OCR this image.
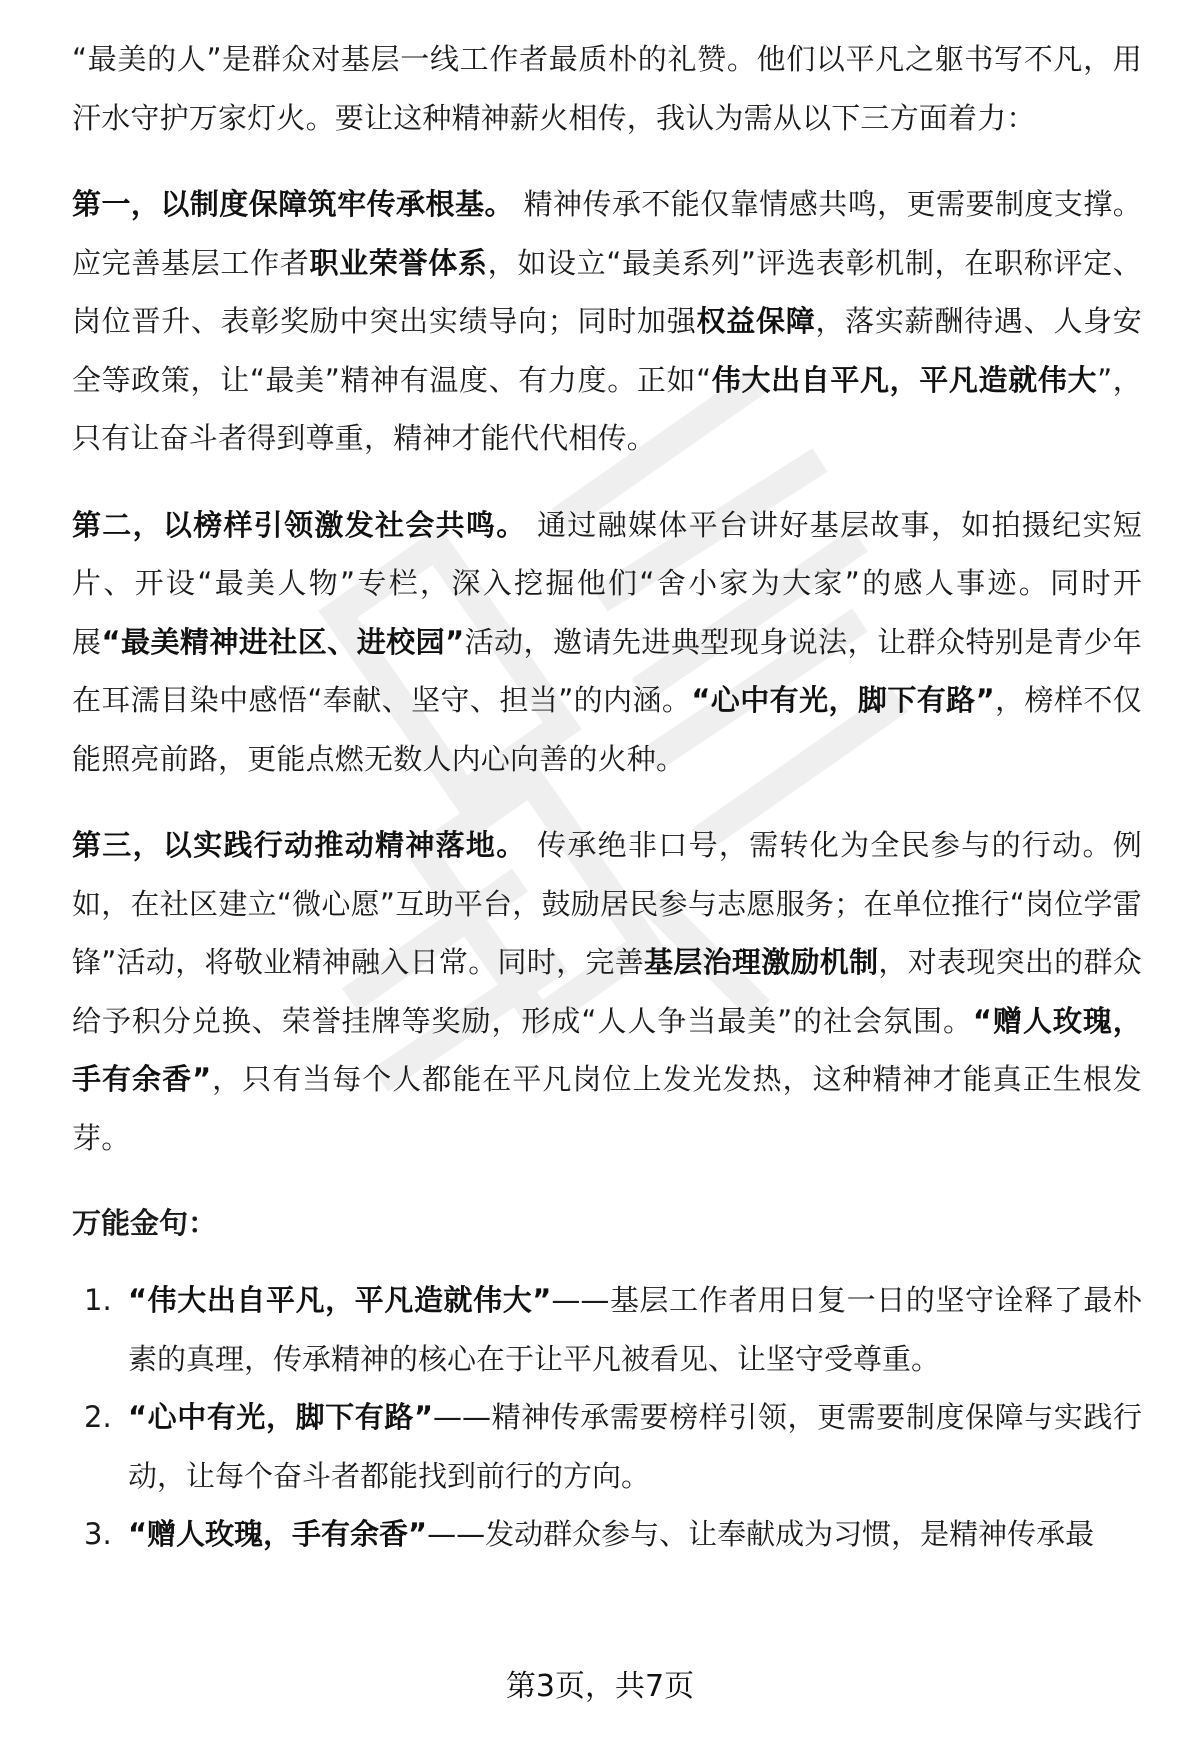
“最美的人”是群众对基层一线工作者最质朴的礼赞。他们以平凡之躯书写不凡，用汗水守护万家灯火。要让这种精神薪火相传，我认为需从以下三方面着力：

第一，以制度保障筑牢传承根基。 精神传承不能仅靠情感共鸣，更需要制度支撑。应完善基层工作者职业荣誉体系，如设立“最美系列”评选表彰机制，在职称评定、岗位晋升、表彰奖励中突出实绩导向；同时加强权益保障，落实薪酬待遇、人身安全等政策，让“最美”精神有温度、有力度。正如“伟大出自平凡，平凡造就伟大”，只有让奋斗者得到尊重，精神才能代代相传。

第二，以榜样引领激发社会共鸣。 通过融媒体平台讲好基层故事，如拍摄纪实短片、开设“最美人物”专栏，深入挖掘他们“舍小家为大家”的感人事迹。同时开展“最美精神进社区、进校园”活动，邀请先进典型现身说法，让群众特别是青少年在耳濡目染中感悟“奉献、坚守、担当”的内涵。“心中有光，脚下有路”，榜样不仅能照亮前路，更能点燃无数人内心向善的火种。

第三，以实践行动推动精神落地。 传承绝非口号，需转化为全民参与的行动。例如，在社区建立“微心愿”互助平台，鼓励居民参与志愿服务；在单位推行“岗位学雷锋”活动，将敬业精神融入日常。同时，完善基层治理激励机制，对表现突出的群众给予积分兑换、荣誉挂牌等奖励，形成“人人争当最美”的社会氛围。“赠人玫瑰，手有余香”，只有当每个人都能在平凡岗位上发光发热，这种精神才能真正生根发芽。

万能金句：
1. “伟大出自平凡，平凡造就伟大”——基层工作者用日复一日的坚守诠释了最朴素的真理，传承精神的核心在于让平凡被看见、让坚守受尊重。
2. “心中有光，脚下有路”——精神传承需要榜样引领，更需要制度保障与实践行动，让每个奋斗者都能找到前行的方向。
3. “赠人玫瑰，手有余香”——发动群众参与、让奉献成为习惯，是精神传承最
第3页，共7页
